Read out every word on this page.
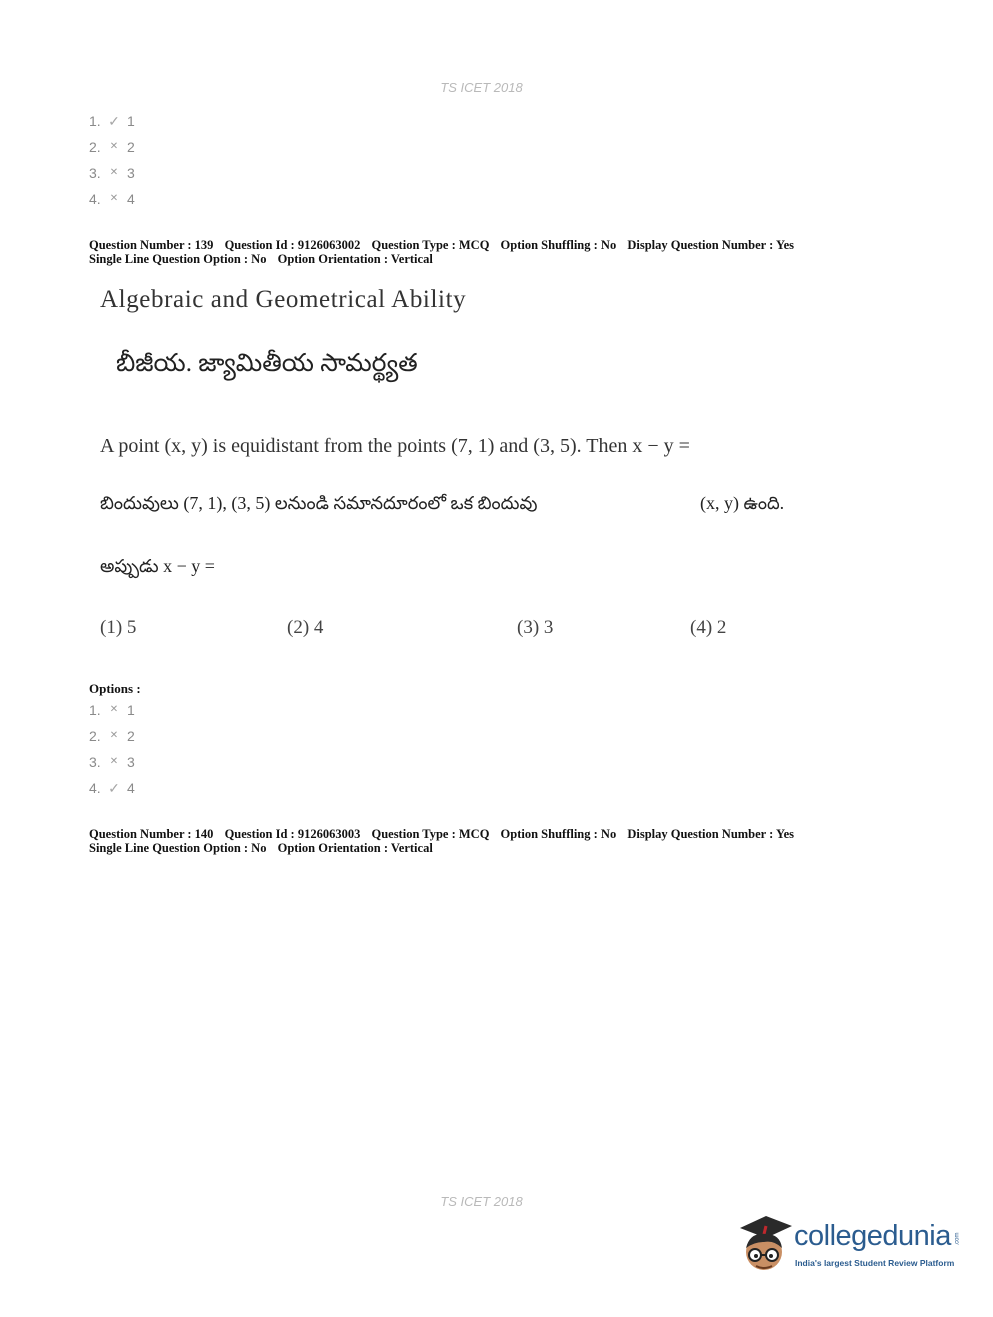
TS ICET 2018
1. ✓ 1
2. ✕ 2
3. ✕ 3
4. ✕ 4
Question Number : 139 Question Id : 9126063002 Question Type : MCQ Option Shuffling : No Display Question Number : Yes
Single Line Question Option : No Option Orientation : Vertical
Algebraic and Geometrical Ability
బీజీయ. జ్యామితీయ సామర్థ్యత
A point (x, y) is equidistant from the points (7, 1) and (3, 5). Then x − y =
బిందువులు (7, 1), (3, 5) లనుండి సమానదూరంలో ఒక బిందువు	(x, y) ఉంది.
అప్పుడు x − y =
(1) 5	(2) 4	(3) 3	(4) 2
Options :
1. ✕ 1
2. ✕ 2
3. ✕ 3
4. ✓ 4
Question Number : 140 Question Id : 9126063003 Question Type : MCQ Option Shuffling : No Display Question Number : Yes
Single Line Question Option : No Option Orientation : Vertical
TS ICET 2018
collegedunia .com
India's largest Student Review Platform
